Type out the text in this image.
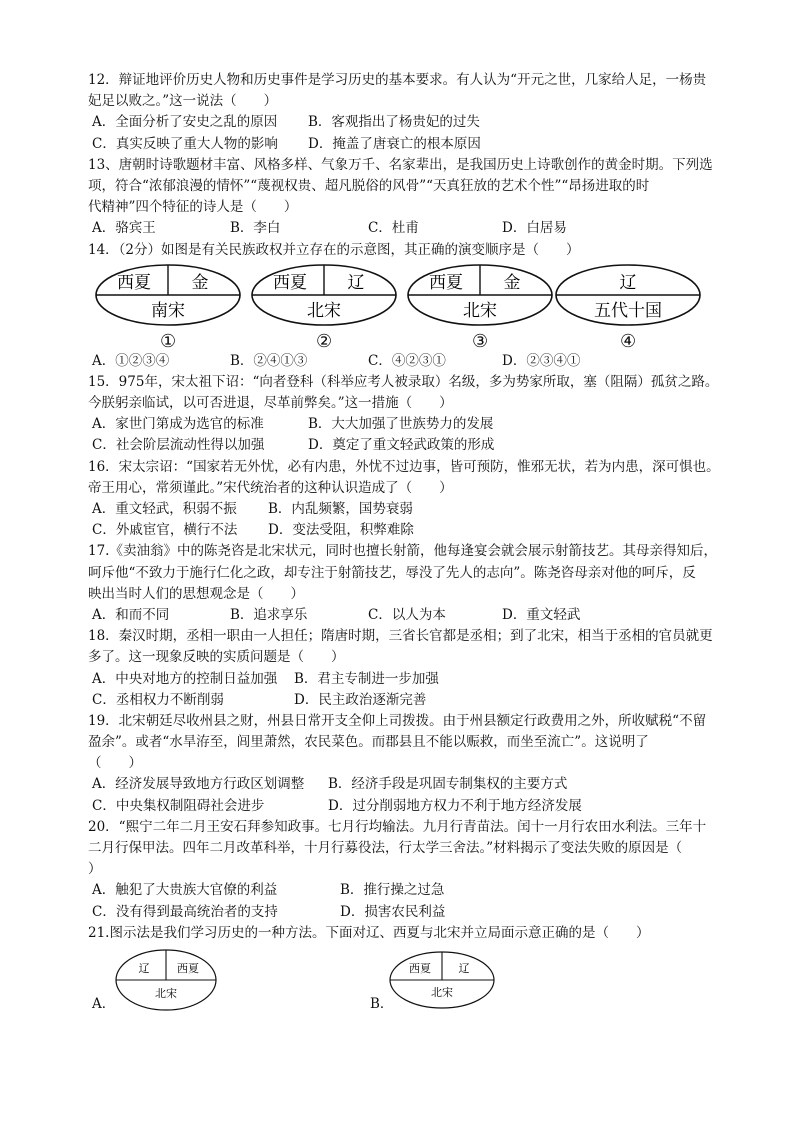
12．辩证地评价历史人物和历史事件是学习历史的基本要求。有人认为“开元之世，几家给人足，一杨贵
妃足以败之。”这一说法（　　）
A．全面分析了安史之乱的原因 B．客观指出了杨贵妃的过失
C．真实反映了重大人物的影响 D．掩盖了唐衰亡的根本原因
13、唐朝时诗歌题材丰富、风格多样、气象万千、名家辈出，是我国历史上诗歌创作的黄金时期。下列选
项，符合“浓郁浪漫的情怀”“蔑视权贵、超凡脱俗的风骨”“天真狂放的艺术个性”“昂扬进取的时
代精神”四个特征的诗人是（　　）
A．骆宾王	B．李白	C．杜甫	D．白居易
14．（2分）如图是有关民族政权并立存在的示意图，其正确的演变顺序是（　　）
西夏 金
南宋
西夏 辽
北宋
西夏 金
北宋
辽
五代十国
①	②	③	④
A．①②③④	B．②④①③	C．④②③①	D．②③④①
15．975年，宋太祖下诏：“向者登科（科举应考人被录取）名级，多为势家所取，塞（阻隔）孤贫之路。
今朕躬亲临试，以可否进退，尽革前弊矣。”这一措施（　　）
A．家世门第成为选官的标准	B．大大加强了世族势力的发展
C．社会阶层流动性得以加强	D．奠定了重文轻武政策的形成
16．宋太宗诏：“国家若无外忧，必有内患，外忧不过边事，皆可预防，惟邪无状，若为内患，深可惧也。
帝王用心，常须谨此。”宋代统治者的这种认识造成了（　　）
A．重文轻武，积弱不振 B．内乱频繁，国势衰弱
C．外戚宦官，横行不法 D．变法受阻，积弊难除
17.《卖油翁》中的陈尧咨是北宋状元，同时也擅长射箭，他每逢宴会就会展示射箭技艺。其母亲得知后，
呵斥他“不致力于施行仁化之政，却专注于射箭技艺，辱没了先人的志向”。陈尧咨母亲对他的呵斥，反
映出当时人们的思想观念是（　　）
A．和而不同	B．追求享乐	C．以人为本	D．重文轻武
18．秦汉时期，丞相一职由一人担任；隋唐时期，三省长官都是丞相；到了北宋，相当于丞相的官员就更
多了。这一现象反映的实质问题是（　　）
A．中央对地方的控制日益加强 B．君主专制进一步加强
C．丞相权力不断削弱	D．民主政治逐渐完善
19．北宋朝廷尽收州县之财，州县日常开支全仰上司拨拨。由于州县额定行政费用之外，所收赋税“不留
盈余”。或者“水旱洊至，闾里萧然，农民菜色。而郡县且不能以赈救，而坐至流亡”。这说明了
（　　）
A．经济发展导致地方行政区划调整 B．经济手段是巩固专制集权的主要方式
C．中央集权制阻碍社会进步	D．过分削弱地方权力不利于地方经济发展
20．“熙宁二年二月王安石拜参知政事。七月行均输法。九月行青苗法。闰十一月行农田水利法。三年十
二月行保甲法。四年二月改革科举，十月行募役法，行太学三舍法。”材料揭示了变法失败的原因是（
）
A．触犯了大贵族大官僚的利益	B．推行操之过急
C．没有得到最高统治者的支持	D．损害农民利益
21.图示法是我们学习历史的一种方法。下面对辽、西夏与北宋并立局面示意正确的是（　　）
A．
辽	西夏
北宋
B．
西夏	辽
北宋
